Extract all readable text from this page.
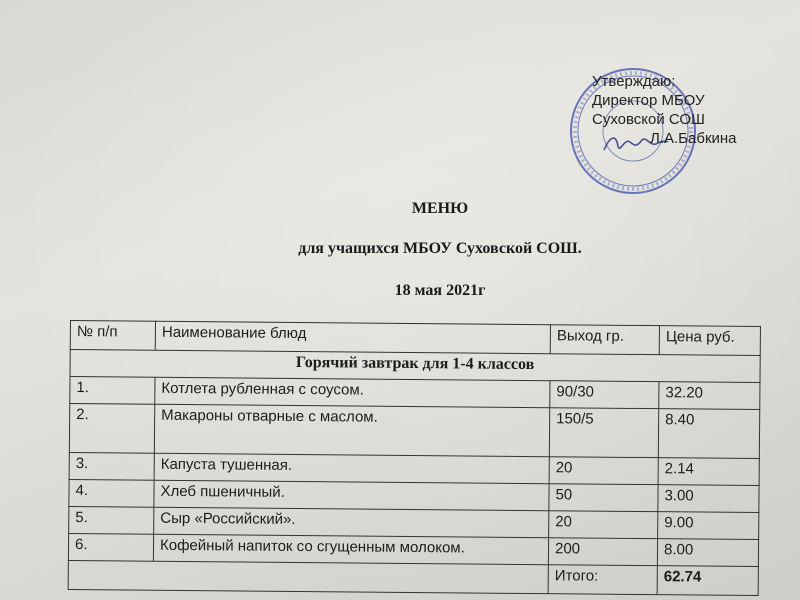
Утверждаю:
Директор МБОУ
Суховской СОШ
Л.А.Бабкина
МЕНЮ
для учащихся МБОУ Суховской СОШ.
18 мая 2021г
№ п/п	Наименование блюд	Выход гр.	Цена руб.
Горячий завтрак для 1-4 классов			
1.	Котлета рубленная с соусом.	90/30	32.20
2.	Макароны отварные с маслом.	150/5	8.40
3.	Капуста тушенная.	20	2.14
4.	Хлеб пшеничный.	50	3.00
5.	Сыр «Российский».	20	9.00
6.	Кофейный напиток со сгущенным молоком.	200	8.00
		Итого:	62.74
